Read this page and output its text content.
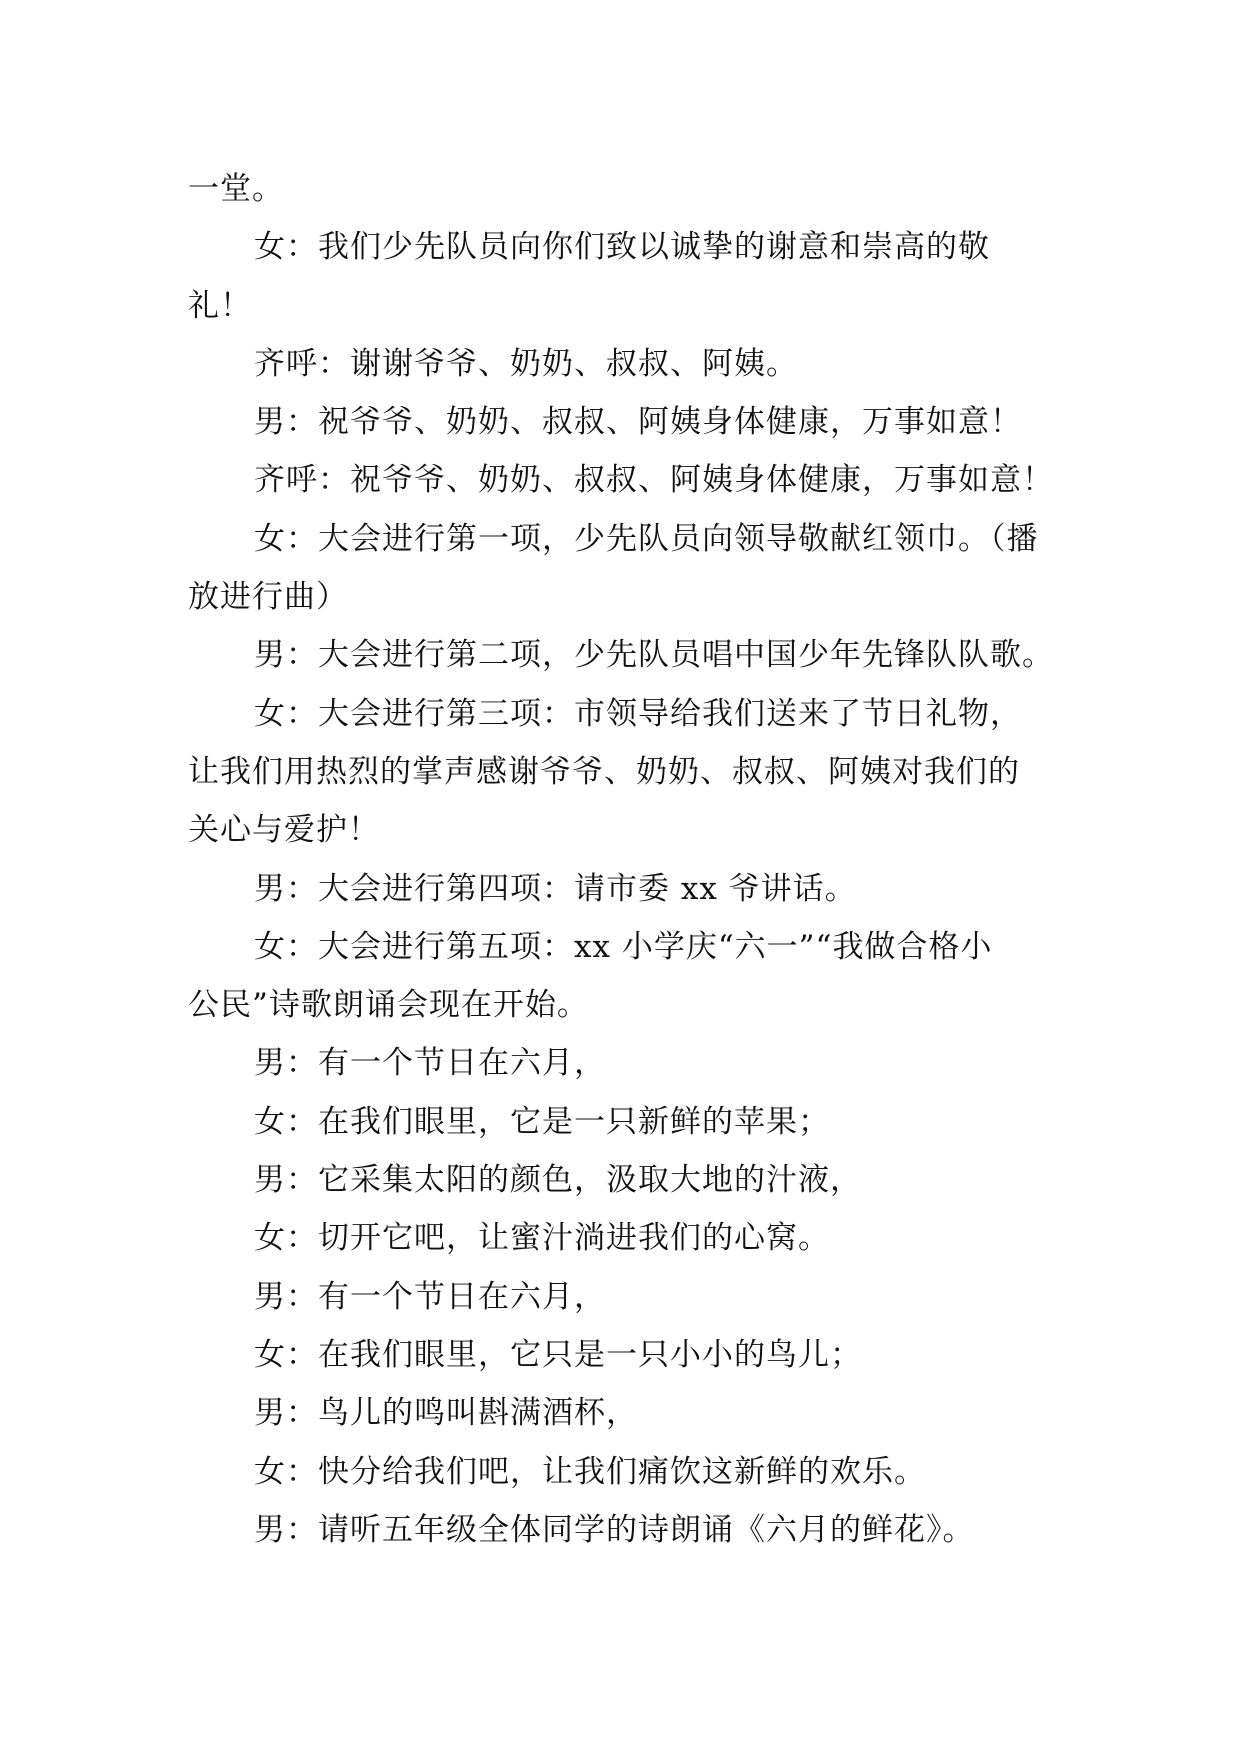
一堂。
女：我们少先队员向你们致以诚挚的谢意和崇高的敬
礼！
齐呼：谢谢爷爷、奶奶、叔叔、阿姨。
男：祝爷爷、奶奶、叔叔、阿姨身体健康，万事如意！
齐呼：祝爷爷、奶奶、叔叔、阿姨身体健康，万事如意！
女：大会进行第一项，少先队员向领导敬献红领巾。（播
放进行曲）
男：大会进行第二项，少先队员唱中国少年先锋队队歌。
女：大会进行第三项：市领导给我们送来了节日礼物，
让我们用热烈的掌声感谢爷爷、奶奶、叔叔、阿姨对我们的
关心与爱护！
男：大会进行第四项：请市委 xx 爷讲话。
女：大会进行第五项：xx 小学庆“六一”“我做合格小
公民”诗歌朗诵会现在开始。
男：有一个节日在六月，
女：在我们眼里，它是一只新鲜的苹果；
男：它采集太阳的颜色，汲取大地的汁液，
女：切开它吧，让蜜汁淌进我们的心窝。
男：有一个节日在六月，
女：在我们眼里，它只是一只小小的鸟儿；
男：鸟儿的鸣叫斟满酒杯，
女：快分给我们吧，让我们痛饮这新鲜的欢乐。
男：请听五年级全体同学的诗朗诵《六月的鲜花》。
